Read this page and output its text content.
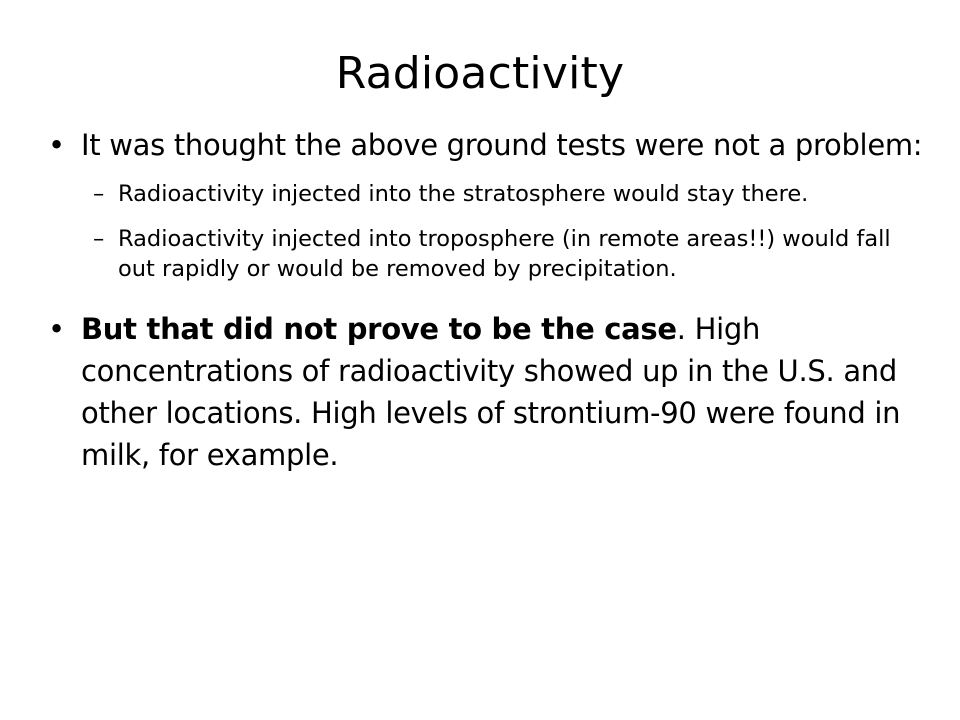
Radioactivity
• It was thought the above ground tests were not a problem:
– Radioactivity injected into the stratosphere would stay there.
– Radioactivity injected into troposphere (in remote areas!!) would fall out rapidly or would be removed by precipitation.
• But that did not prove to be the case. High concentrations of radioactivity showed up in the U.S. and other locations. High levels of strontium-90 were found in milk, for example.
